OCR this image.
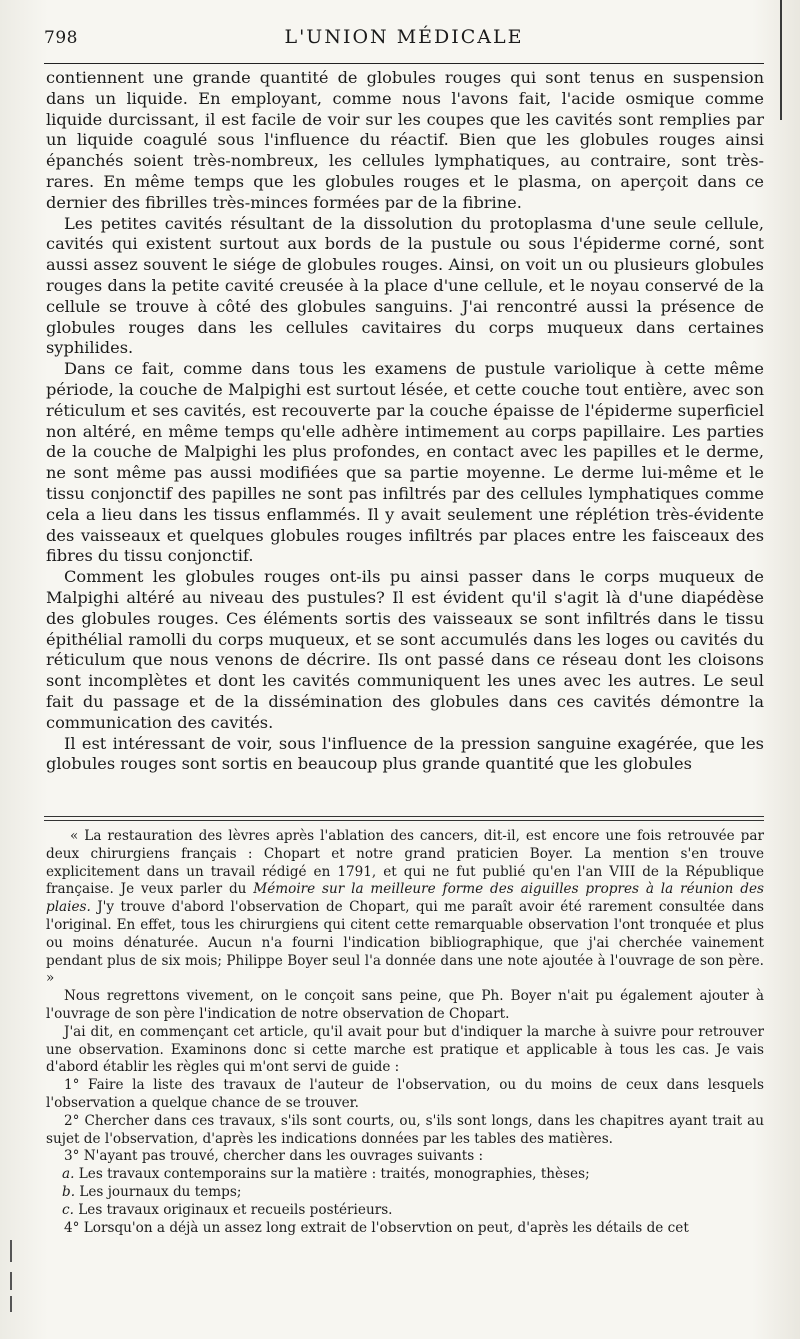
798	L'UNION MÉDICALE

contiennent une grande quantité de globules rouges qui sont tenus en suspension dans un liquide. En employant, comme nous l'avons fait, l'acide osmique comme liquide durcissant, il est facile de voir sur les coupes que les cavités sont remplies par un liquide coagulé sous l'influence du réactif. Bien que les globules rouges ainsi épanchés soient très-nombreux, les cellules lymphatiques, au contraire, sont très-rares. En même temps que les globules rouges et le plasma, on aperçoit dans ce dernier des fibrilles très-minces formées par de la fibrine.

Les petites cavités résultant de la dissolution du protoplasma d'une seule cellule, cavités qui existent surtout aux bords de la pustule ou sous l'épiderme corné, sont aussi assez souvent le siége de globules rouges. Ainsi, on voit un ou plusieurs globules rouges dans la petite cavité creusée à la place d'une cellule, et le noyau conservé de la cellule se trouve à côté des globules sanguins. J'ai rencontré aussi la présence de globules rouges dans les cellules cavitaires du corps muqueux dans certaines syphilides.

Dans ce fait, comme dans tous les examens de pustule variolique à cette même période, la couche de Malpighi est surtout lésée, et cette couche tout entière, avec son réticulum et ses cavités, est recouverte par la couche épaisse de l'épiderme superficiel non altéré, en même temps qu'elle adhère intimement au corps papillaire. Les parties de la couche de Malpighi les plus profondes, en contact avec les papilles et le derme, ne sont même pas aussi modifiées que sa partie moyenne. Le derme lui-même et le tissu conjonctif des papilles ne sont pas infiltrés par des cellules lymphatiques comme cela a lieu dans les tissus enflammés. Il y avait seulement une réplétion très-évidente des vaisseaux et quelques globules rouges infiltrés par places entre les faisceaux des fibres du tissu conjonctif.

Comment les globules rouges ont-ils pu ainsi passer dans le corps muqueux de Malpighi altéré au niveau des pustules? Il est évident qu'il s'agit là d'une diapédèse des globules rouges. Ces éléments sortis des vaisseaux se sont infiltrés dans le tissu épithélial ramolli du corps muqueux, et se sont accumulés dans les loges ou cavités du réticulum que nous venons de décrire. Ils ont passé dans ce réseau dont les cloisons sont incomplètes et dont les cavités communiquent les unes avec les autres. Le seul fait du passage et de la dissémination des globules dans ces cavités démontre la communication des cavités.

Il est intéressant de voir, sous l'influence de la pression sanguine exagérée, que les globules rouges sont sortis en beaucoup plus grande quantité que les globules

« La restauration des lèvres après l'ablation des cancers, dit-il, est encore une fois retrouvée par deux chirurgiens français : Chopart et notre grand praticien Boyer. La mention s'en trouve explicitement dans un travail rédigé en 1791, et qui ne fut publié qu'en l'an VIII de la République française. Je veux parler du Mémoire sur la meilleure forme des aiguilles propres à la réunion des plaies. J'y trouve d'abord l'observation de Chopart, qui me paraît avoir été rarement consultée dans l'original. En effet, tous les chirurgiens qui citent cette remarquable observation l'ont tronquée et plus ou moins dénaturée. Aucun n'a fourni l'indication bibliographique, que j'ai cherchée vainement pendant plus de six mois; Philippe Boyer seul l'a donnée dans une note ajoutée à l'ouvrage de son père. »

Nous regrettons vivement, on le conçoit sans peine, que Ph. Boyer n'ait pu également ajouter à l'ouvrage de son père l'indication de notre observation de Chopart.

J'ai dit, en commençant cet article, qu'il avait pour but d'indiquer la marche à suivre pour retrouver une observation. Examinons donc si cette marche est pratique et applicable à tous les cas. Je vais d'abord établir les règles qui m'ont servi de guide :

1° Faire la liste des travaux de l'auteur de l'observation, ou du moins de ceux dans lesquels l'observation a quelque chance de se trouver.

2° Chercher dans ces travaux, s'ils sont courts, ou, s'ils sont longs, dans les chapitres ayant trait au sujet de l'observation, d'après les indications données par les tables des matières.

3° N'ayant pas trouvé, chercher dans les ouvrages suivants :

a. Les travaux contemporains sur la matière : traités, monographies, thèses;

b. Les journaux du temps;

c. Les travaux originaux et recueils postérieurs.

4° Lorsqu'on a déjà un assez long extrait de l'observtion on peut, d'après les détails de cet
